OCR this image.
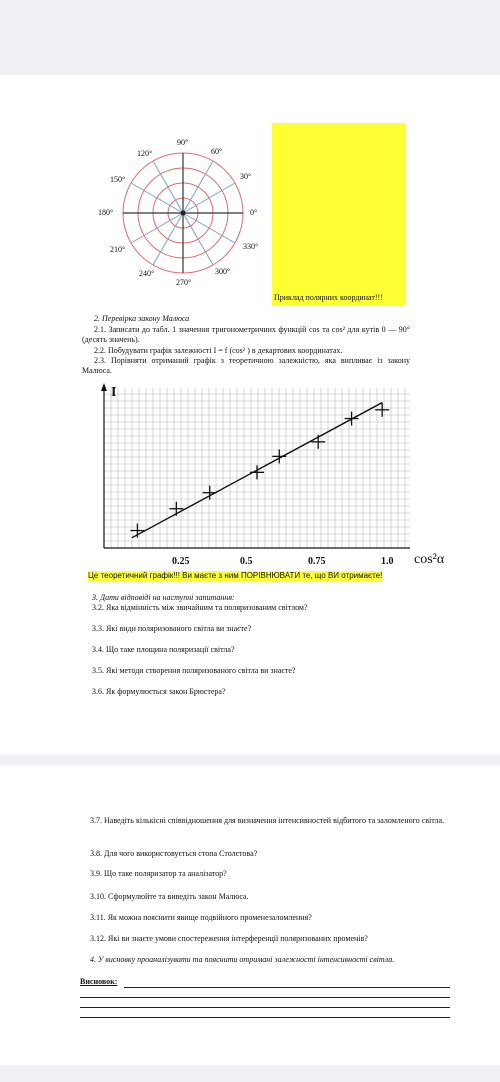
90°
60°
30°
0°
330°
300°
270°
240°
210°
180°
150°
120°
Приклад полярних координат!!!
2. Перевірка закону Малюса
2.1. Записати до табл. 1 значення тригонометричних функцій cos та cos² для кутів 0 — 90° (десять значень).
2.2. Побудувати графік залежності I = f (cos² ) в декартових координатах.
2.3. Порівняти отриманий графік з теоретичною залежністю, яка випливає із закону Малюса.
I
0.25	0.5	0.75	1.0 cos²α
Це теоретичний графік!!! Ви маєте з ним ПОРІВНЮВАТИ те, що ВИ отримаєте!
3. Дати відповіді на наступні запитання:
3.2. Яка відмінність між звичайним та поляризованим світлом?
3.3. Які види поляризованого світла ви знаєте?
3.4. Що таке площина поляризації світла?
3.5. Які методи створення поляризованого світла ви знаєте?
3.6. Як формулюється закон Брюстера?
3.7. Наведіть кількісні співвідношення для визначення інтенсивностей відбитого та заломленого світла.
3.8. Для чого використовується стопа Столєтова?
3.9. Що таке поляризатор та аналізатор?
3.10. Сформулюйте та виведіть закон Малюса.
3.11. Як можна пояснити явище подвійного променезаломлення?
3.12. Які ви знаєте умови спостереження інтерференції поляризованих променів?
4. У висновку проаналізувати та пояснити отримані залежності інтенсивності світла.
Висновок:
